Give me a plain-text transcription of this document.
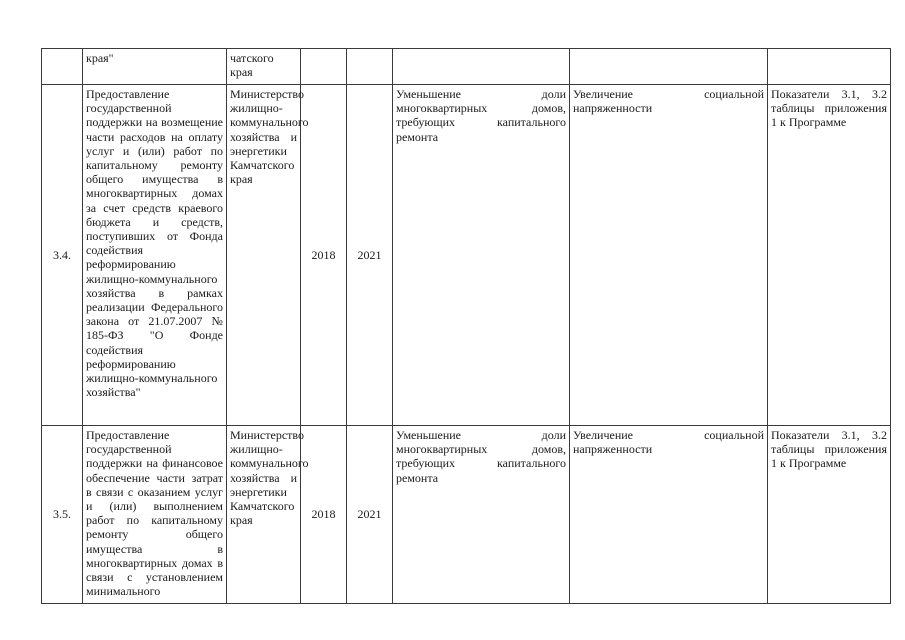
	края"	чатского края					
3.4.	Предоставление государственной поддержки на возмещение части расходов на оплату услуг и (или) работ по капитальному ремонту общего имущества в многоквартирных домах за счет средств краевого бюджета и средств, поступивших от Фонда содействия реформированию жилищно-коммунального хозяйства в рамках реализации Федерального закона от 21.07.2007 № 185-ФЗ "О Фонде содействия реформированию жилищно-коммунального хозяйства"	Министерство жилищно-коммунального хозяйства и энергетики Камчатского края	2018	2021	Уменьшение доли многоквартирных домов, требующих капитального ремонта	Увеличение социальной напряженности	Показатели 3.1, 3.2 таблицы приложения 1 к Программе
3.5.	Предоставление государственной поддержки на финансовое обеспечение части затрат в связи с оказанием услуг и (или) выполнением работ по капитальному ремонту общего имущества в многоквартирных домах в связи с установлением минимального	Министерство жилищно-коммунального хозяйства и энергетики Камчатского края	2018	2021	Уменьшение доли многоквартирных домов, требующих капитального ремонта	Увеличение социальной напряженности	Показатели 3.1, 3.2 таблицы приложения 1 к Программе
